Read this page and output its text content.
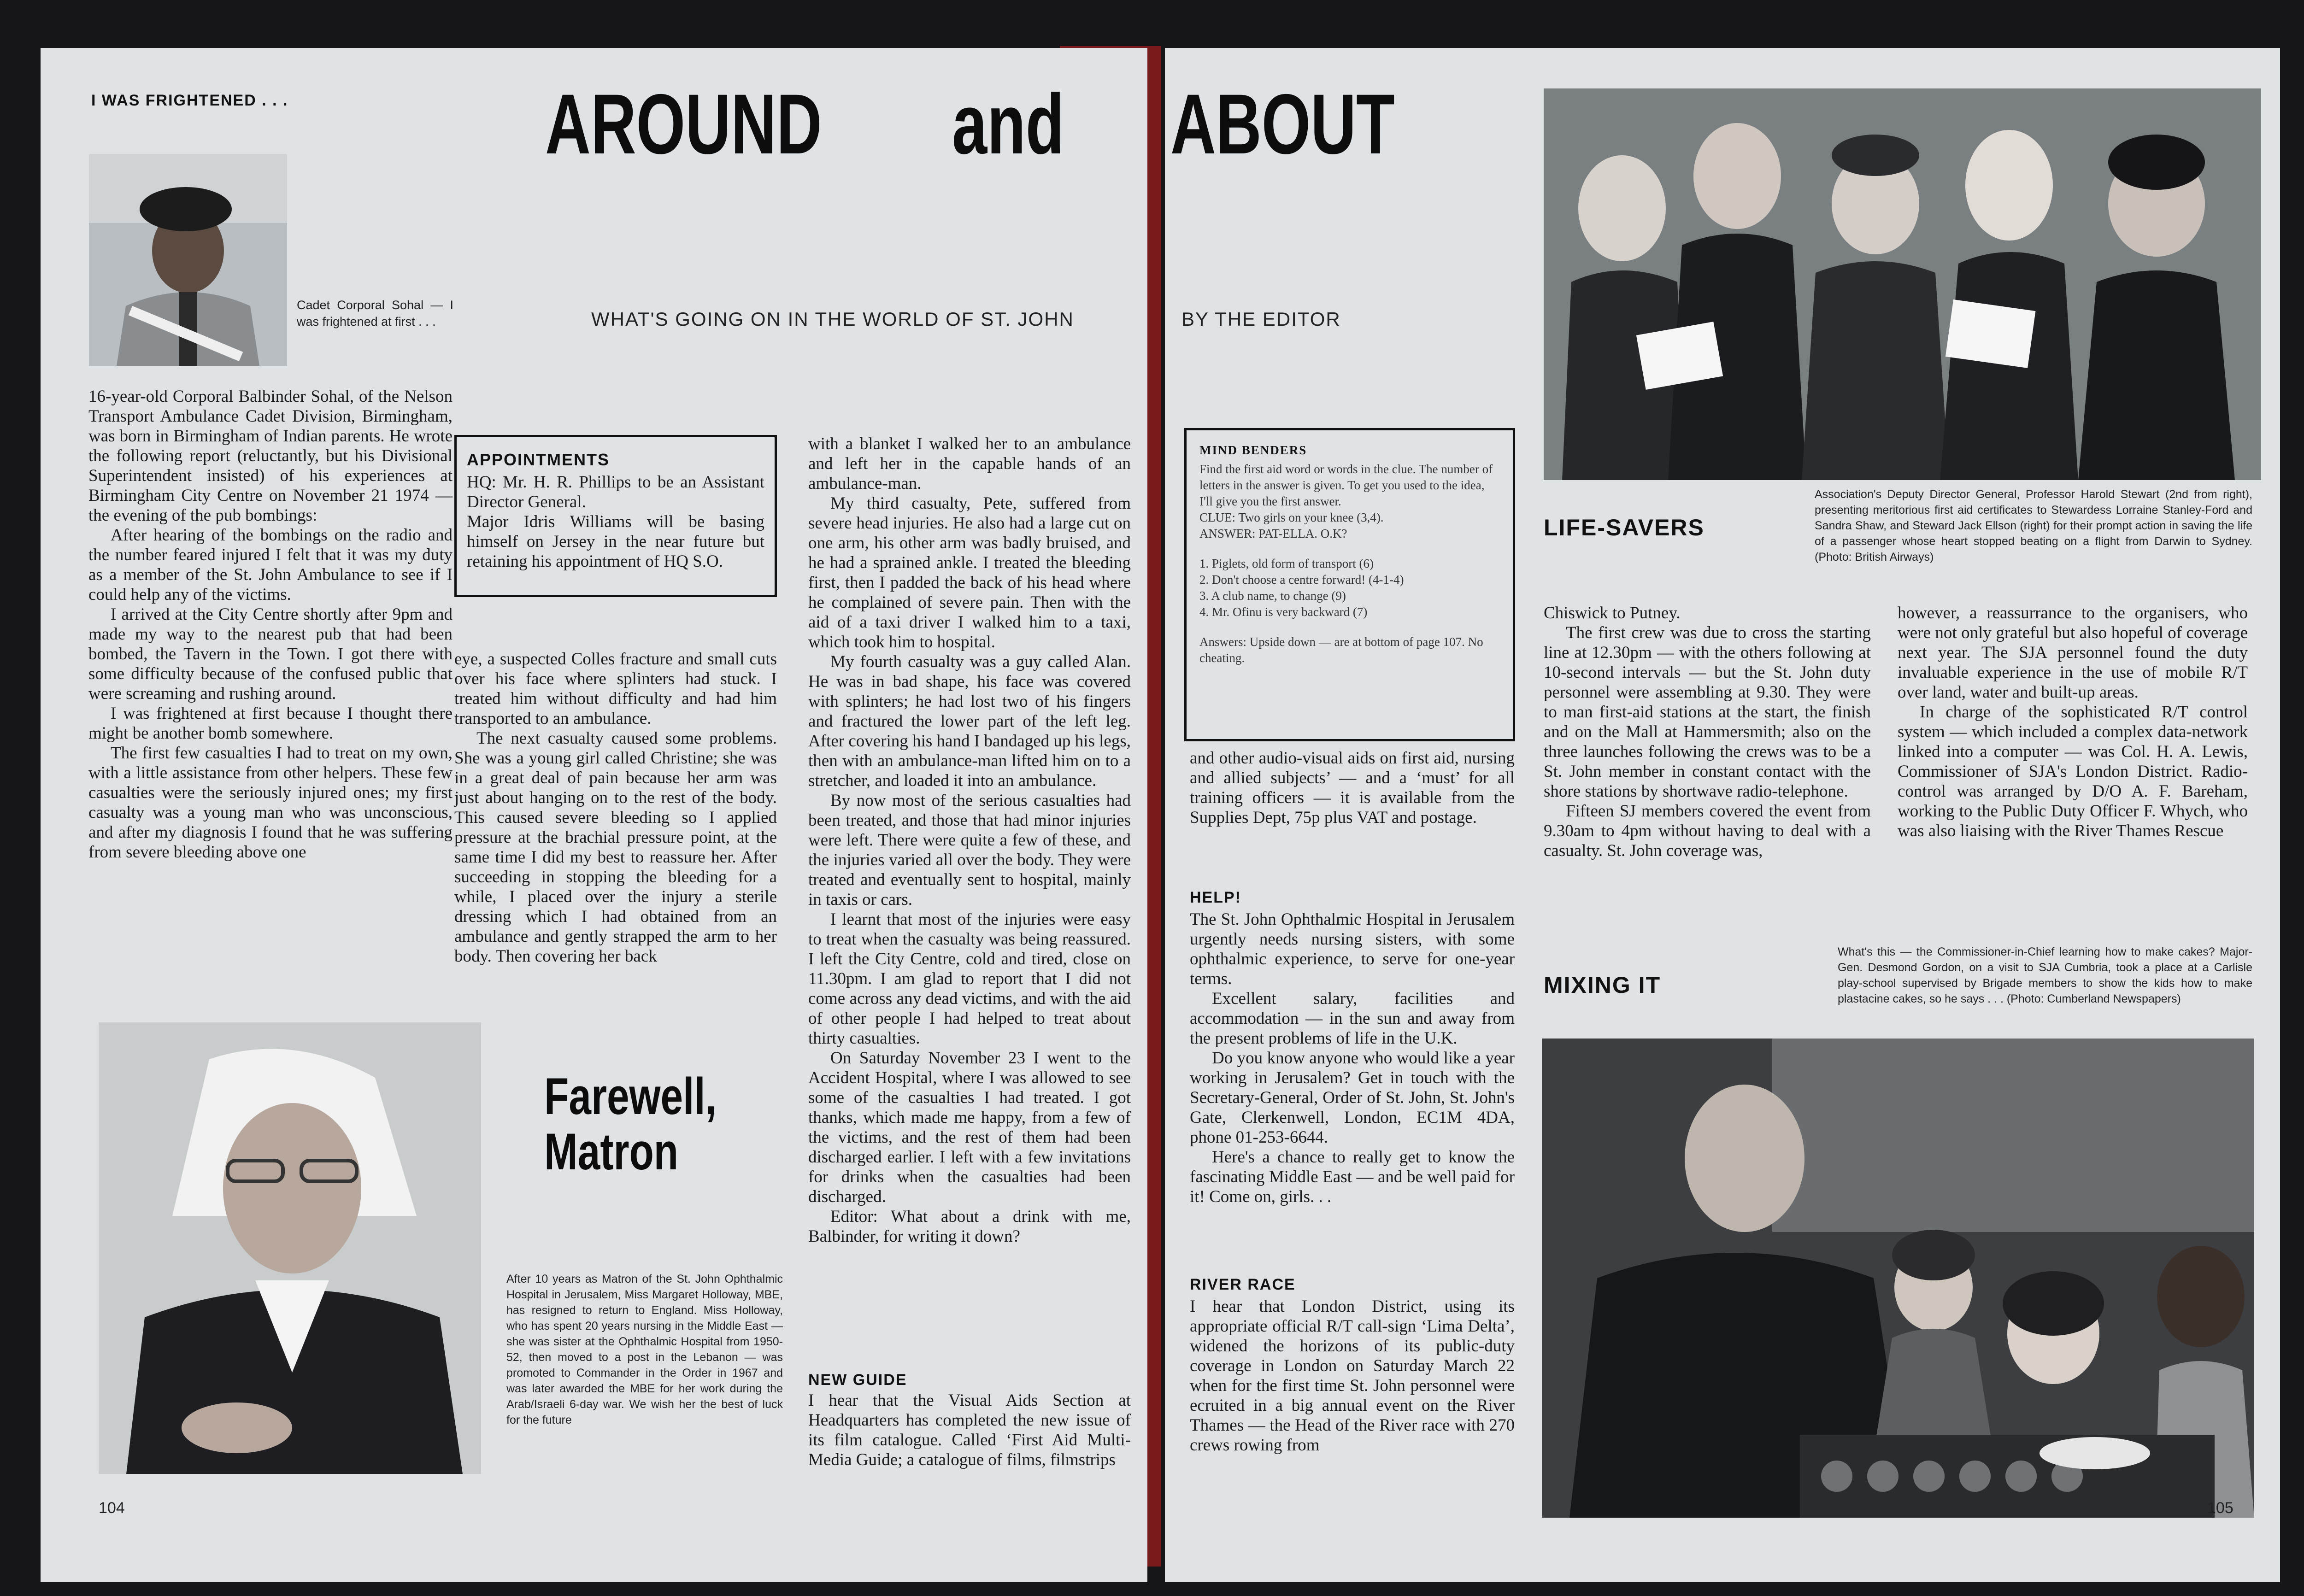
I WAS FRIGHTENED . . .
Cadet Corporal Sohal — I was frightened at first . . .
AROUND and
WHAT'S GOING ON IN THE WORLD OF ST. JOHN

16-year-old Corporal Balbinder Sohal, of the Nelson Transport Ambulance Cadet Division, Birmingham, was born in Birmingham of Indian parents. He wrote the following report (reluctantly, but his Divisional Superintendent insisted) of his experiences at Birmingham City Centre on November 21 1974 — the evening of the pub bombings:

After hearing of the bombings on the radio and the number feared injured I felt that it was my duty as a member of the St. John Ambulance to see if I could help any of the victims.

I arrived at the City Centre shortly after 9pm and made my way to the nearest pub that had been bombed, the Tavern in the Town. I got there with some difficulty because of the confused public that were screaming and rushing around.

I was frightened at first because I thought there might be another bomb somewhere.

The first few casualties I had to treat on my own, with a little assistance from other helpers. These few casualties were the seriously injured ones; my first casualty was a young man who was unconscious, and after my diagnosis I found that he was suffering from severe bleeding above one

APPOINTMENTS

HQ: Mr. H. R. Phillips to be an Assistant Director General.

Major Idris Williams will be basing himself on Jersey in the near future but retaining his appointment of HQ S.O.

eye, a suspected Colles fracture and small cuts over his face where splinters had stuck. I treated him without difficulty and had him transported to an ambulance.

The next casualty caused some problems. She was a young girl called Christine; she was in a great deal of pain because her arm was just about hanging on to the rest of the body. This caused severe bleeding so I applied pressure at the brachial pressure point, at the same time I did my best to reassure her. After succeeding in stopping the bleeding for a while, I placed over the injury a sterile dressing which I had obtained from an ambulance and gently strapped the arm to her body. Then covering her back

with a blanket I walked her to an ambulance and left her in the capable hands of an ambulance-man.

My third casualty, Pete, suffered from severe head injuries. He also had a large cut on one arm, his other arm was badly bruised, and he had a sprained ankle. I treated the bleeding first, then I padded the back of his head where he complained of severe pain. Then with the aid of a taxi driver I walked him to a taxi, which took him to hospital.

My fourth casualty was a guy called Alan. He was in bad shape, his face was covered with splinters; he had lost two of his fingers and fractured the lower part of the left leg. After covering his hand I bandaged up his legs, then with an ambulance-man lifted him on to a stretcher, and loaded it into an ambulance.

By now most of the serious casualties had been treated, and those that had minor injuries were left. There were quite a few of these, and the injuries varied all over the body. They were treated and eventually sent to hospital, mainly in taxis or cars.

I learnt that most of the injuries were easy to treat when the casualty was being reassured. I left the City Centre, cold and tired, close on 11.30pm. I am glad to report that I did not come across any dead victims, and with the aid of other people I had helped to treat about thirty casualties.

On Saturday November 23 I went to the Accident Hospital, where I was allowed to see some of the casualties I had treated. I got thanks, which made me happy, from a few of the victims, and the rest of them had been discharged earlier. I left with a few invitations for drinks when the casualties had been discharged.

Editor: What about a drink with me, Balbinder, for writing it down?

NEW GUIDE

I hear that the Visual Aids Section at Headquarters has completed the new issue of its film catalogue. Called ‘First Aid Multi-Media Guide; a catalogue of films, filmstrips

Farewell,
Matron
After 10 years as Matron of the St. John Ophthalmic Hospital in Jerusalem, Miss Margaret Holloway, MBE, has resigned to return to England. Miss Holloway, who has spent 20 years nursing in the Middle East — she was sister at the Ophthalmic Hospital from 1950-52, then moved to a post in the Lebanon — was promoted to Commander in the Order in 1967 and was later awarded the MBE for her work during the Arab/Israeli 6-day war. We wish her the best of luck for the future
104
ABOUT
BY THE EDITOR
MIND BENDERS
Find the first aid word or words in the clue. The number of letters in the answer is given. To get you used to the idea, I'll give you the first answer.
CLUE: Two girls on your knee (3,4).
ANSWER: PAT-ELLA. O.K?
1. Piglets, old form of transport (6)
2. Don't choose a centre forward! (4-1-4)
3. A club name, to change (9)
4. Mr. Ofinu is very backward (7)
Answers: Upside down — are at bottom of page 107. No cheating.

and other audio-visual aids on first aid, nursing and allied subjects’ — and a ‘must’ for all training officers — it is available from the Supplies Dept, 75p plus VAT and postage.

HELP!

The St. John Ophthalmic Hospital in Jerusalem urgently needs nursing sisters, with some ophthalmic experience, to serve for one-year terms.

Excellent salary, facilities and accommodation — in the sun and away from the present problems of life in the U.K.

Do you know anyone who would like a year working in Jerusalem? Get in touch with the Secretary-General, Order of St. John, St. John's Gate, Clerkenwell, London, EC1M 4DA, phone 01-253-6644.

Here's a chance to really get to know the fascinating Middle East — and be well paid for it! Come on, girls. . .

RIVER RACE

I hear that London District, using its appropriate official R/T call-sign ‘Lima Delta’, widened the horizons of its public-duty coverage in London on Saturday March 22 when for the first time St. John personnel were ecruited in a big annual event on the River Thames — the Head of the River race with 270 crews rowing from

LIFE-SAVERS
Association's Deputy Director General, Professor Harold Stewart (2nd from right), presenting meritorious first aid certificates to Stewardess Lorraine Stanley-Ford and Sandra Shaw, and Steward Jack Ellson (right) for their prompt action in saving the life of a passenger whose heart stopped beating on a flight from Darwin to Sydney. (Photo: British Airways)

Chiswick to Putney.

The first crew was due to cross the starting line at 12.30pm — with the others following at 10-second intervals — but the St. John duty personnel were assembling at 9.30. They were to man first-aid stations at the start, the finish and on the Mall at Hammersmith; also on the three launches following the crews was to be a St. John member in constant contact with the shore stations by shortwave radio-telephone.

Fifteen SJ members covered the event from 9.30am to 4pm without having to deal with a casualty. St. John coverage was,

however, a reassurrance to the organisers, who were not only grateful but also hopeful of coverage next year. The SJA personnel found the duty invaluable experience in the use of mobile R/T over land, water and built-up areas.

In charge of the sophisticated R/T control system — which included a complex data-network linked into a computer — was Col. H. A. Lewis, Commissioner of SJA's London District. Radio-control was arranged by D/O A. F. Bareham, working to the Public Duty Officer F. Whych, who was also liaising with the River Thames Rescue

MIXING IT
What's this — the Commissioner-in-Chief learning how to make cakes? Major-Gen. Desmond Gordon, on a visit to SJA Cumbria, took a place at a Carlisle play-school supervised by Brigade members to show the kids how to make plastacine cakes, so he says . . . (Photo: Cumberland Newspapers)
105
